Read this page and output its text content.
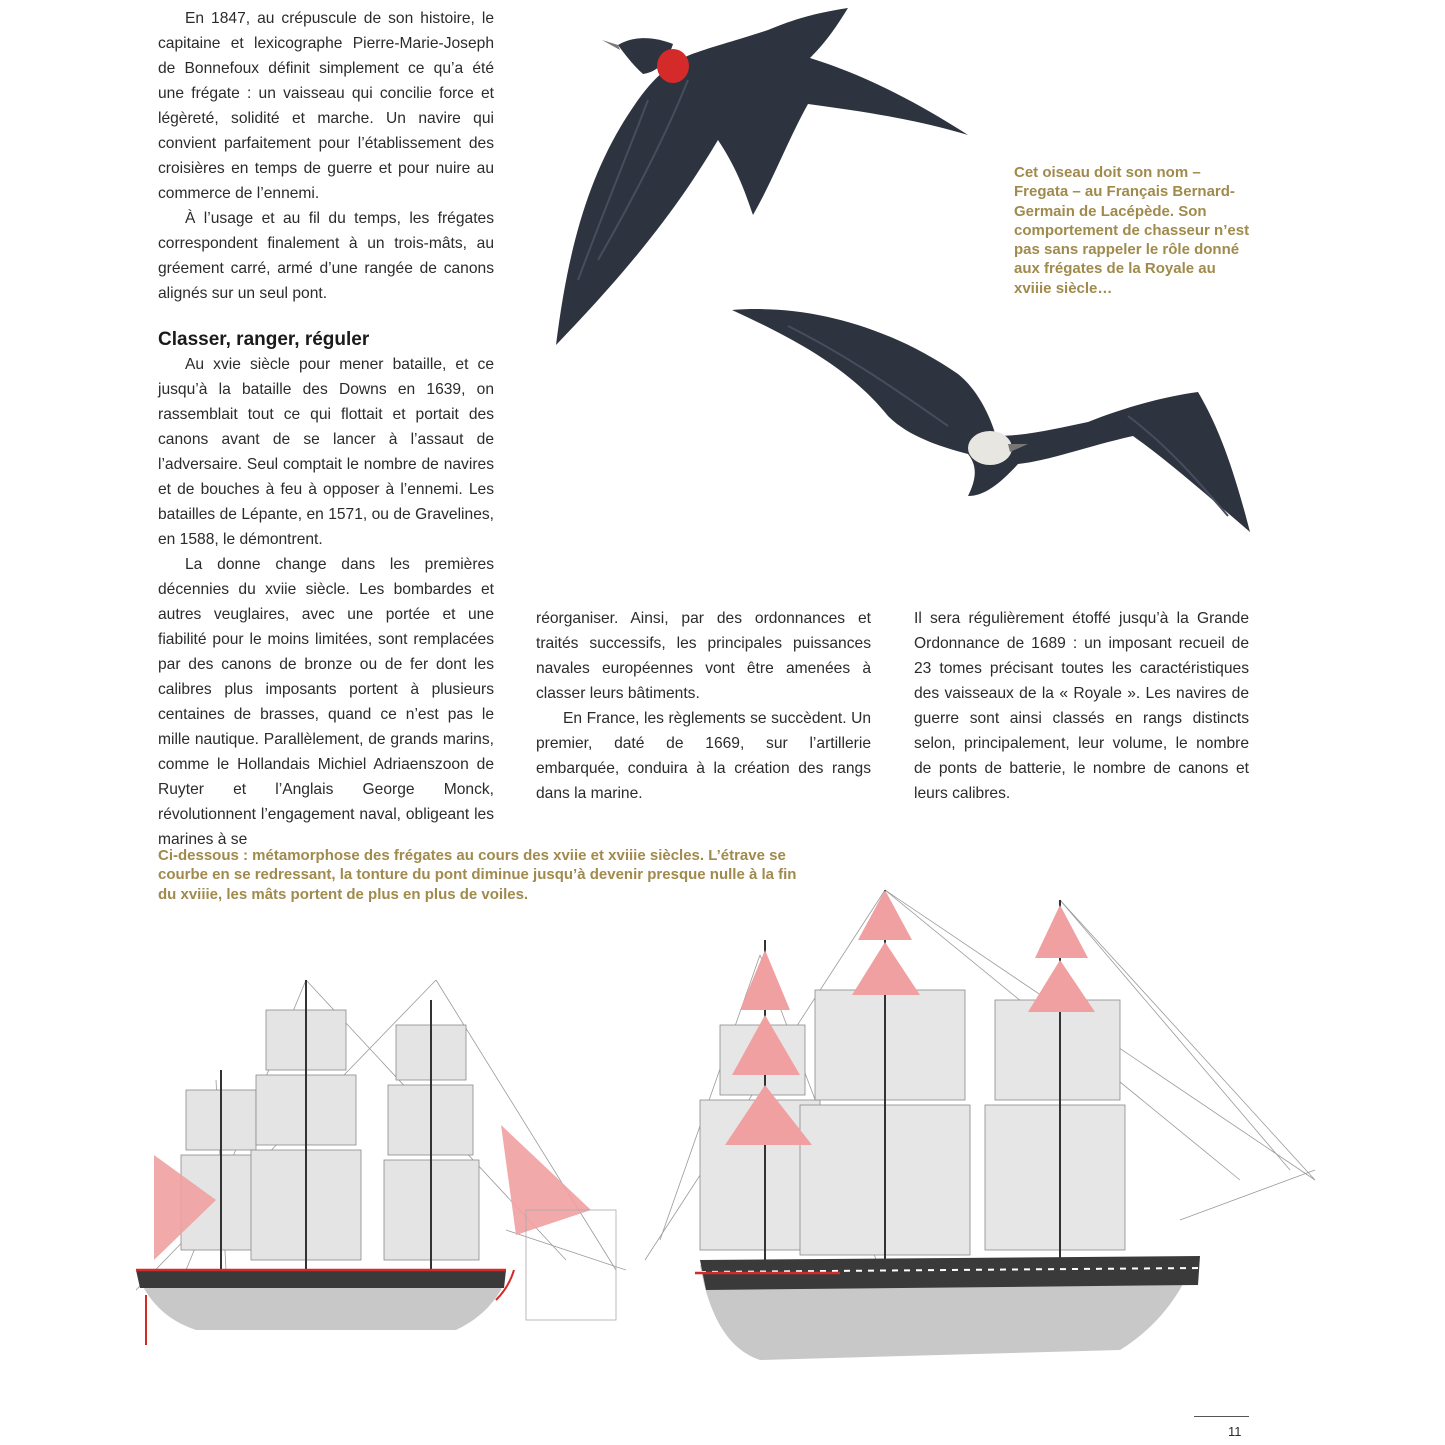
En 1847, au crépuscule de son histoire, le capitaine et lexicographe Pierre-Marie-Joseph de Bonnefoux définit simplement ce qu’a été une frégate : un vaisseau qui concilie force et légèreté, solidité et marche. Un navire qui convient parfaitement pour l’établissement des croisières en temps de guerre et pour nuire au commerce de l’ennemi.

À l’usage et au fil du temps, les frégates correspondent finalement à un trois-mâts, au gréement carré, armé d’une rangée de canons alignés sur un seul pont.

Classer, ranger, réguler

Au xvie siècle pour mener bataille, et ce jusqu’à la bataille des Downs en 1639, on rassemblait tout ce qui flottait et portait des canons avant de se lancer à l’assaut de l’adversaire. Seul comptait le nombre de navires et de bouches à feu à opposer à l’ennemi. Les batailles de Lépante, en 1571, ou de Gravelines, en 1588, le démontrent.

La donne change dans les premières décennies du xviie siècle. Les bombardes et autres veuglaires, avec une portée et une fiabilité pour le moins limitées, sont remplacées par des canons de bronze ou de fer dont les calibres plus imposants portent à plusieurs centaines de brasses, quand ce n’est pas le mille nautique. Parallèlement, de grands marins, comme le Hollandais Michiel Adriaenszoon de Ruyter et l’Anglais George Monck, révolutionnent l’engagement naval, obligeant les marines à se

réorganiser. Ainsi, par des ordonnances et traités successifs, les principales puissances navales européennes vont être amenées à classer leurs bâtiments.

En France, les règlements se succèdent. Un premier, daté de 1669, sur l’artillerie embarquée, conduira à la création des rangs dans la marine.

Il sera régulièrement étoffé jusqu’à la Grande Ordonnance de 1689 : un imposant recueil de 23 tomes précisant toutes les caractéristiques des vaisseaux de la « Royale ». Les navires de guerre sont ainsi classés en rangs distincts selon, principalement, leur volume, le nombre de ponts de batterie, le nombre de canons et leurs calibres.

Cet oiseau doit son nom – Fregata – au Français Bernard-Germain de Lacépède. Son comportement de chasseur n’est pas sans rappeler le rôle donné aux frégates de la Royale au xviiie siècle…
Ci-dessous : métamorphose des frégates au cours des xviie et xviiie siècles. L’étrave se courbe en se redressant, la tonture du pont diminue jusqu’à devenir presque nulle à la fin du xviiie, les mâts portent de plus en plus de voiles.
11
